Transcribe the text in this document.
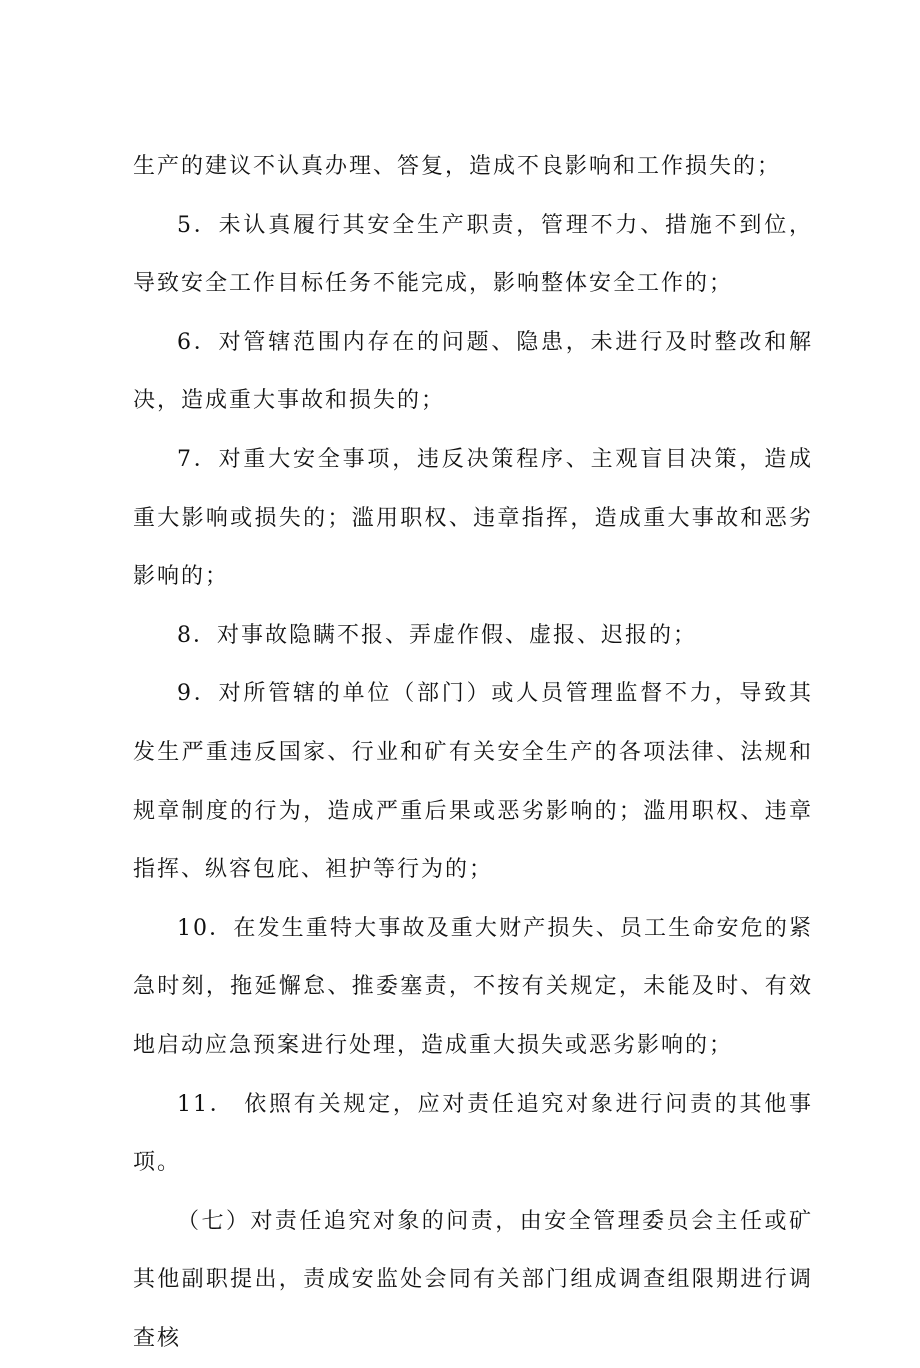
生产的建议不认真办理、答复，造成不良影响和工作损失的；

5．未认真履行其安全生产职责，管理不力、措施不到位，导致安全工作目标任务不能完成，影响整体安全工作的；

6．对管辖范围内存在的问题、隐患，未进行及时整改和解决，造成重大事故和损失的；

7．对重大安全事项，违反决策程序、主观盲目决策，造成重大影响或损失的；滥用职权、违章指挥，造成重大事故和恶劣影响的；

8．对事故隐瞒不报、弄虚作假、虚报、迟报的；

9．对所管辖的单位（部门）或人员管理监督不力，导致其发生严重违反国家、行业和矿有关安全生产的各项法律、法规和规章制度的行为，造成严重后果或恶劣影响的；滥用职权、违章指挥、纵容包庇、袒护等行为的；

10．在发生重特大事故及重大财产损失、员工生命安危的紧急时刻，拖延懈怠、推委塞责，不按有关规定，未能及时、有效地启动应急预案进行处理，造成重大损失或恶劣影响的；

11． 依照有关规定，应对责任追究对象进行问责的其他事项。

（七）对责任追究对象的问责，由安全管理委员会主任或矿其他副职提出，责成安监处会同有关部门组成调查组限期进行调查核
